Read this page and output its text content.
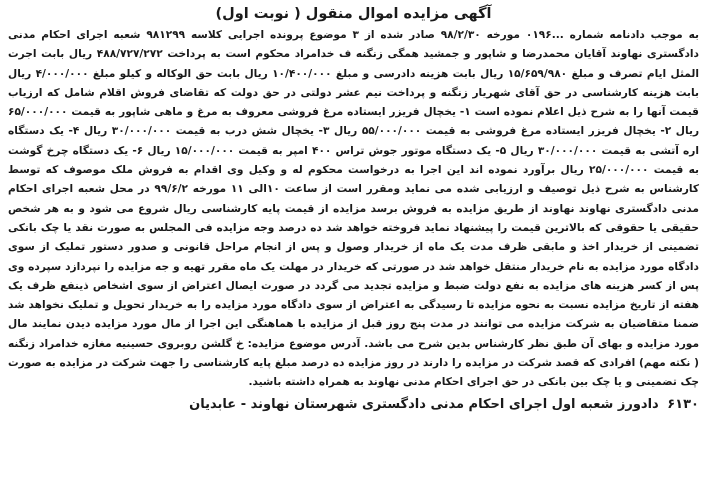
آگهی مزایده اموال منقول ( نوبت اول)

به موجب دادنامه شماره ...۰۱۹۶ مورخه ۹۸/۲/۳۰ صادر شده از ۳ موضوع پرونده اجرایی کلاسه ۹۸۱۲۹۹ شعبه اجرای احکام مدنی دادگستری نهاوند آقایان محمدرضا و شاپور و جمشید همگی زنگنه ف خدامراد محکوم است به پرداخت ۴۸۸/۷۲۷/۲۷۲ ریال بابت اجرت المثل ایام تصرف و مبلغ ۱۵/۶۵۹/۹۸۰ ریال بابت هزینه دادرسی و مبلغ ۱۰/۴۰۰/۰۰۰ ریال بابت حق الوکاله و کیلو مبلغ ۴/۰۰۰/۰۰۰ ریال بابت هزینه کارشناسی در حق آقای شهریار زنگنه و پرداخت نیم عشر دولتی در حق دولت که تقاضای فروش اقلام شامل که ارزیاب قیمت آنها را به شرح ذیل اعلام نموده است ۱- یخچال فریزر ایستاده مرغ فروشی معروف به مرغ و ماهی شاپور به قیمت ۶۵/۰۰۰/۰۰۰ ریال ۲- یخچال فریزر ایستاده مرغ فروشی به قیمت ۵۵/۰۰۰/۰۰۰ ریال ۳- یخچال شش درب به قیمت ۳۰/۰۰۰/۰۰۰ ریال ۴- یک دستگاه اره آتشی به قیمت ۳۰/۰۰۰/۰۰۰ ریال ۵- یک دستگاه موتور جوش تراس ۴۰۰ امپر به قیمت ۱۵/۰۰۰/۰۰۰ ریال ۶- یک دستگاه چرخ گوشت به قیمت ۲۵/۰۰۰/۰۰۰ ریال برآورد نموده اند این اجرا به درخواست محکوم له و وکیل وی اقدام به فروش ملک موصوف که توسط کارشناس به شرح ذیل توصیف و ارزیابی شده می نماید ومقرر است از ساعت ۱۰الی ۱۱ مورخه ۹۹/۶/۲ در محل شعبه اجرای احکام مدنی دادگستری نهاوند نهاوند از طریق مزایده به فروش برسد مزایده از قیمت پایه کارشناسی ریال شروع می شود و به هر شخص حقیقی یا حقوقی که بالاترین قیمت را پیشنهاد نماید فروخته خواهد شد ده درصد وجه مزایده فی المجلس به صورت نقد یا چک بانکی تضمینی از خریدار اخذ و مابقی ظرف مدت یک ماه از خریدار وصول و پس از انجام مراحل قانونی و صدور دستور تملیک از سوی دادگاه مورد مزایده به نام خریدار منتقل خواهد شد در صورتی که خریدار در مهلت یک ماه مقرر تهیه و جه مزایده را نپردازد سپرده وی پس از کسر هزینه های مزایده به نفع دولت ضبط و مزایده تجدید می گردد در صورت ایصال اعتراض از سوی اشخاص ذینفع ظرف یک هفته از تاریخ مزایده نسبت به نحوه مزایده تا رسیدگی به اعتراض از سوی دادگاه مورد مزایده را به خریدار تحویل و تملیک نخواهد شد ضمنا متقاضیان به شرکت مزایده می توانند در مدت پنج روز قبل از مزایده با هماهنگی این اجرا از مال مورد مزایده دیدن نمایند مال مورد مزایده و بهای آن طبق نظر کارشناس بدین شرح می باشد. آدرس موضوع مزایده: خ گلشن روبروی حسینیه مغازه خدامراد زنگنه ( نکته مهم) افرادی که قصد شرکت در مزایده را دارند در روز مزایده ده درصد مبلغ پایه کارشناسی را جهت شرکت در مزایده به صورت چک تضمینی و یا چک بین بانکی در حق اجرای احکام مدنی نهاوند به همراه داشته باشید.

۶۱۳۰ دادورز شعبه اول اجرای احکام مدنی دادگستری شهرستان نهاوند - عابدیان
